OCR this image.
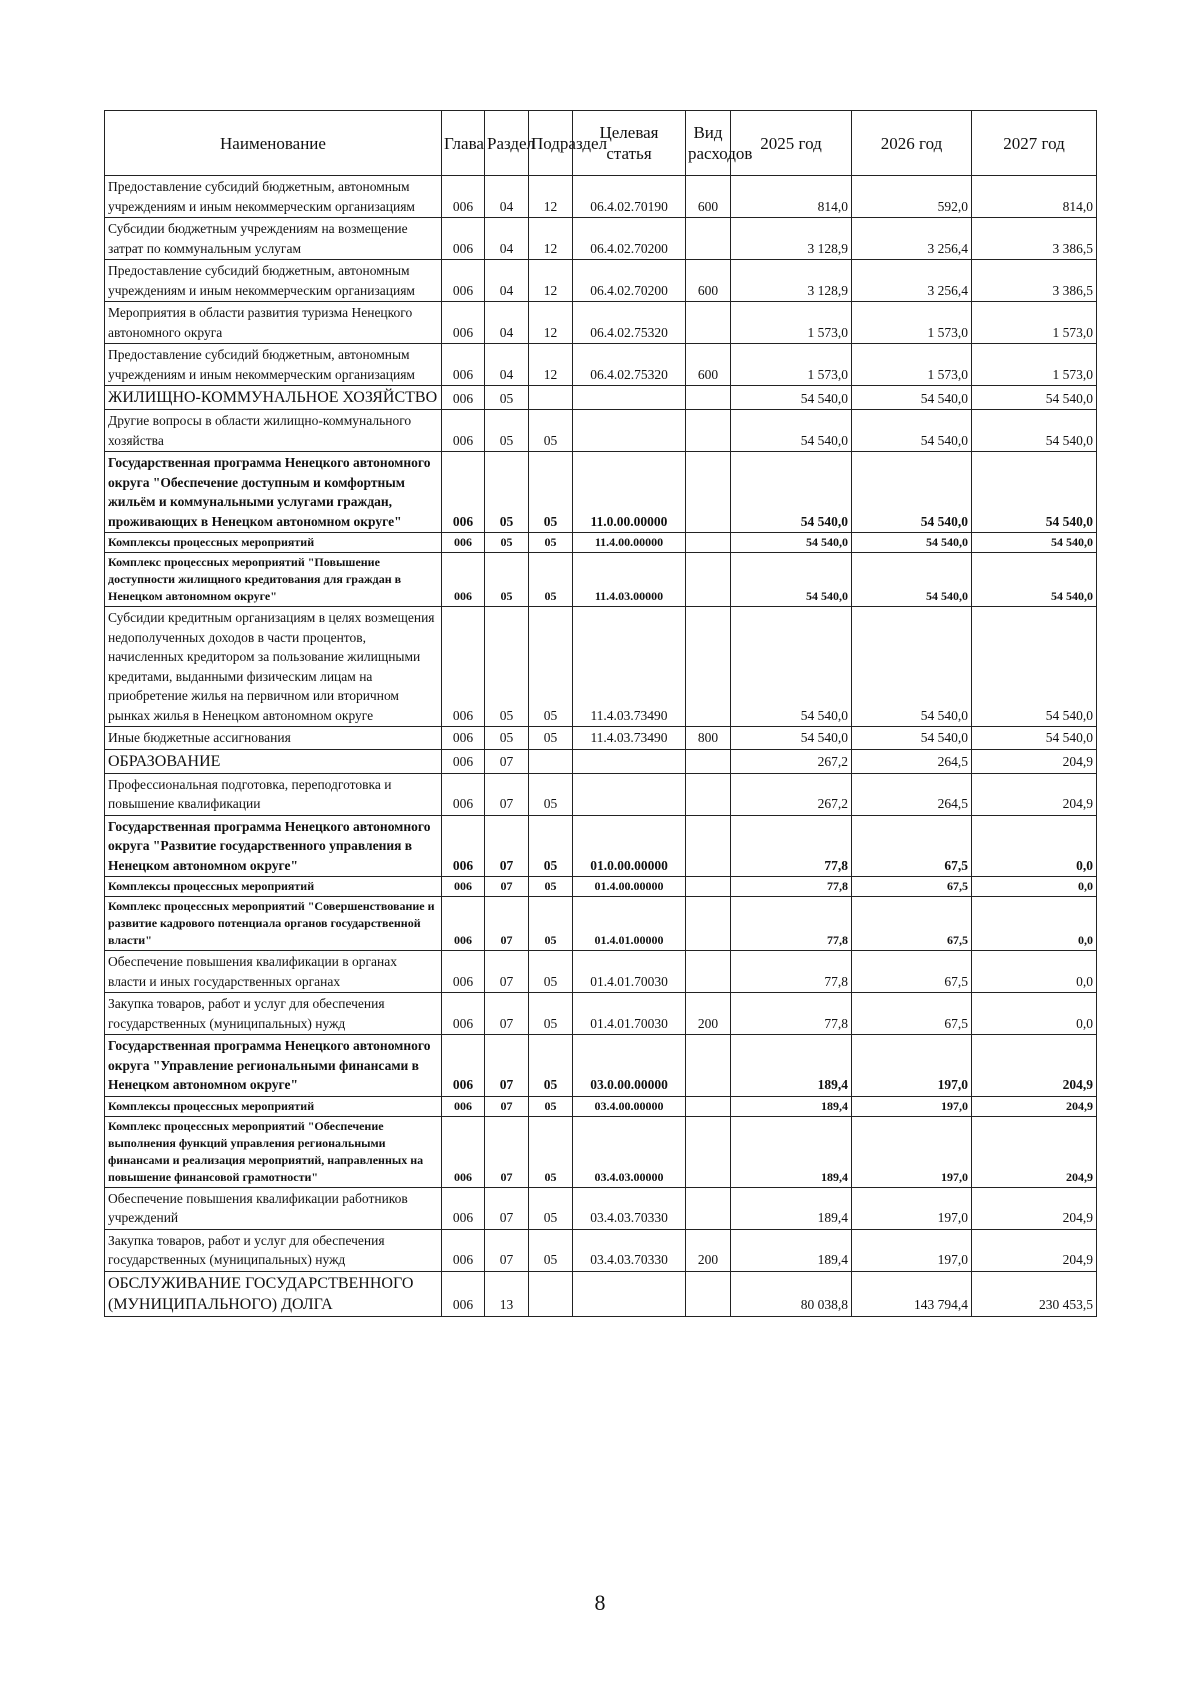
Наименование	Глава	Раздел	Подраздел	Целевая статья	Вид расходов	2025 год	2026 год	2027 год
Предоставление субсидий бюджетным, автономным учреждениям и иным некоммерческим организациям	006	04	12	06.4.02.70190	600	814,0	592,0	814,0
Субсидии бюджетным учреждениям на возмещение затрат по коммунальным услугам	006	04	12	06.4.02.70200		3 128,9	3 256,4	3 386,5
Предоставление субсидий бюджетным, автономным учреждениям и иным некоммерческим организациям	006	04	12	06.4.02.70200	600	3 128,9	3 256,4	3 386,5
Мероприятия в области развития туризма Ненецкого автономного округа	006	04	12	06.4.02.75320		1 573,0	1 573,0	1 573,0
Предоставление субсидий бюджетным, автономным учреждениям и иным некоммерческим организациям	006	04	12	06.4.02.75320	600	1 573,0	1 573,0	1 573,0
ЖИЛИЩНО-КОММУНАЛЬНОЕ ХОЗЯЙСТВО	006	05				54 540,0	54 540,0	54 540,0
Другие вопросы в области жилищно-коммунального хозяйства	006	05	05			54 540,0	54 540,0	54 540,0
Государственная программа Ненецкого автономного округа "Обеспечение доступным и комфортным жильём и коммунальными услугами граждан, проживающих в Ненецком автономном округе"	006	05	05	11.0.00.00000		54 540,0	54 540,0	54 540,0
Комплексы процессных мероприятий	006	05	05	11.4.00.00000		54 540,0	54 540,0	54 540,0
Комплекс процессных мероприятий "Повышение доступности жилищного кредитования для граждан в Ненецком автономном округе"	006	05	05	11.4.03.00000		54 540,0	54 540,0	54 540,0
Субсидии кредитным организациям в целях возмещения недополученных доходов в части процентов, начисленных кредитором за пользование жилищными кредитами, выданными физическим лицам на приобретение жилья на первичном или вторичном рынках жилья в Ненецком автономном округе	006	05	05	11.4.03.73490		54 540,0	54 540,0	54 540,0
Иные бюджетные ассигнования	006	05	05	11.4.03.73490	800	54 540,0	54 540,0	54 540,0
ОБРАЗОВАНИЕ	006	07				267,2	264,5	204,9
Профессиональная подготовка, переподготовка и повышение квалификации	006	07	05			267,2	264,5	204,9
Государственная программа Ненецкого автономного округа "Развитие государственного управления в Ненецком автономном округе"	006	07	05	01.0.00.00000		77,8	67,5	0,0
Комплексы процессных мероприятий	006	07	05	01.4.00.00000		77,8	67,5	0,0
Комплекс процессных мероприятий "Совершенствование и развитие кадрового потенциала органов государственной власти"	006	07	05	01.4.01.00000		77,8	67,5	0,0
Обеспечение повышения квалификации в органах власти и иных государственных органах	006	07	05	01.4.01.70030		77,8	67,5	0,0
Закупка товаров, работ и услуг для обеспечения государственных (муниципальных) нужд	006	07	05	01.4.01.70030	200	77,8	67,5	0,0
Государственная программа Ненецкого автономного округа "Управление региональными финансами в Ненецком автономном округе"	006	07	05	03.0.00.00000		189,4	197,0	204,9
Комплексы процессных мероприятий	006	07	05	03.4.00.00000		189,4	197,0	204,9
Комплекс процессных мероприятий "Обеспечение выполнения функций управления региональными финансами и реализация мероприятий, направленных на повышение финансовой грамотности"	006	07	05	03.4.03.00000		189,4	197,0	204,9
Обеспечение повышения квалификации работников учреждений	006	07	05	03.4.03.70330		189,4	197,0	204,9
Закупка товаров, работ и услуг для обеспечения государственных (муниципальных) нужд	006	07	05	03.4.03.70330	200	189,4	197,0	204,9
ОБСЛУЖИВАНИЕ ГОСУДАРСТВЕННОГО (МУНИЦИПАЛЬНОГО) ДОЛГА	006	13				80 038,8	143 794,4	230 453,5
8
